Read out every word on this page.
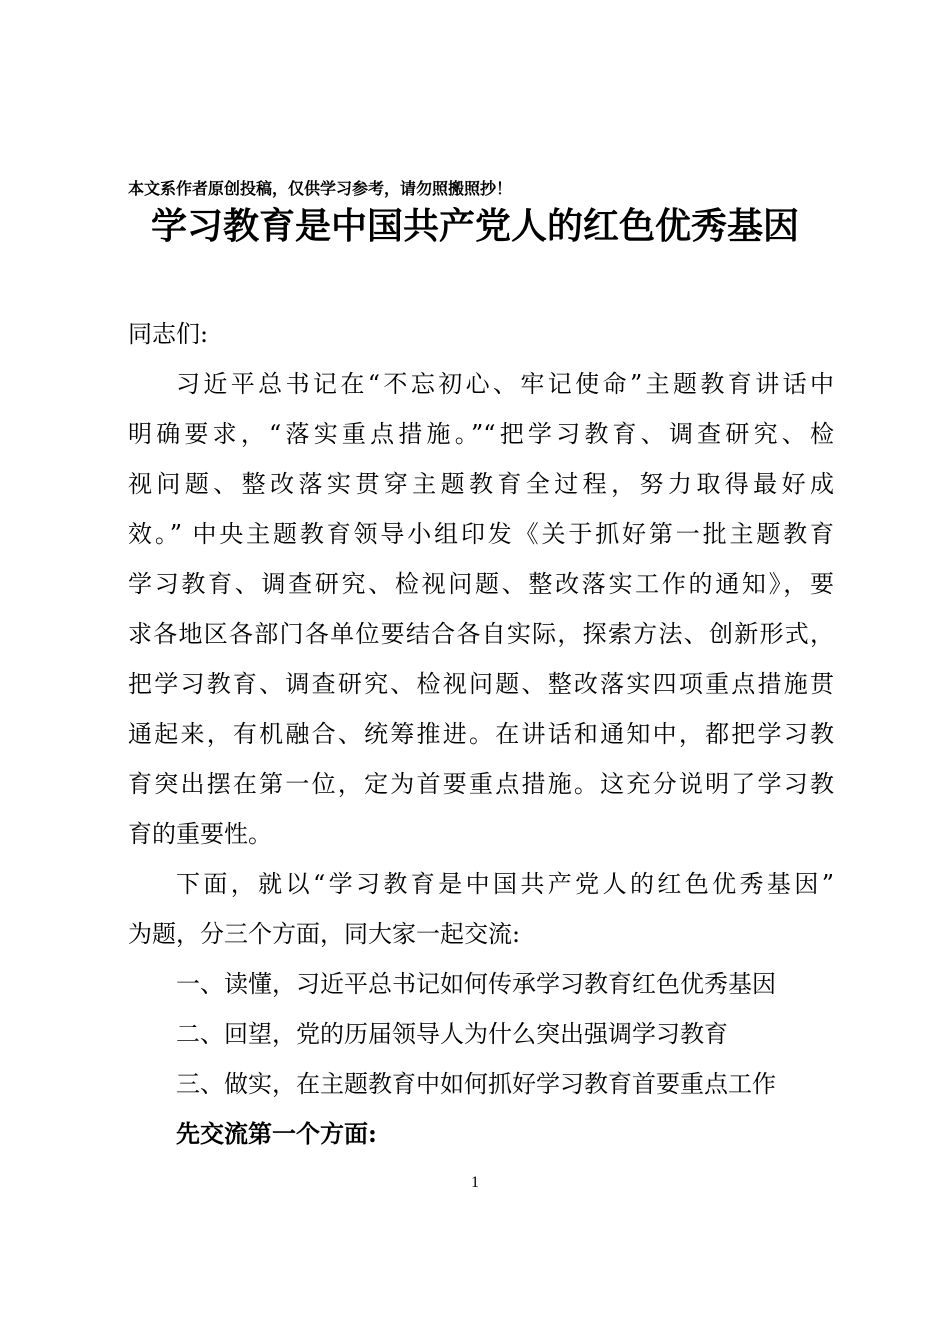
本文系作者原创投稿，仅供学习参考，请勿照搬照抄！
学习教育是中国共产党人的红色优秀基因
同志们:
习近平总书记在“不忘初心、牢记使命”主题教育讲话中
明确要求，“落实重点措施。”“把学习教育、调查研究、检
视问题、整改落实贯穿主题教育全过程，努力取得最好成
效。” 中央主题教育领导小组印发《关于抓好第一批主题教育
学习教育、调查研究、检视问题、整改落实工作的通知》，要
求各地区各部门各单位要结合各自实际，探索方法、创新形式，
把学习教育、调查研究、检视问题、整改落实四项重点措施贯
通起来，有机融合、统筹推进。在讲话和通知中，都把学习教
育突出摆在第一位，定为首要重点措施。这充分说明了学习教
育的重要性。
下面，就以“学习教育是中国共产党人的红色优秀基因”
为题，分三个方面，同大家一起交流:
一、读懂，习近平总书记如何传承学习教育红色优秀基因
二、回望，党的历届领导人为什么突出强调学习教育
三、做实，在主题教育中如何抓好学习教育首要重点工作
先交流第一个方面:
1
